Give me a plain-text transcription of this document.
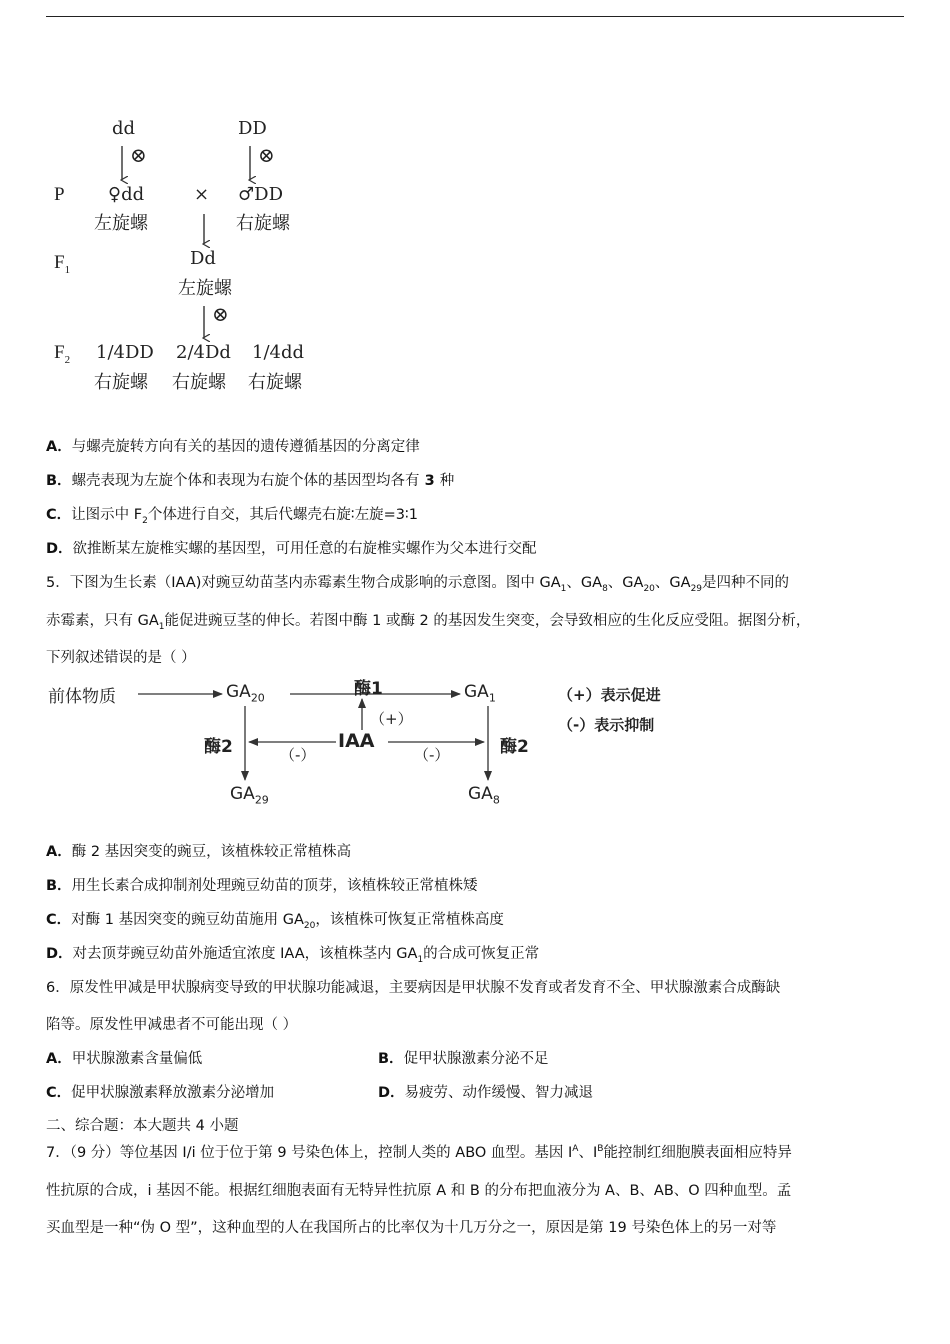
dd	DD
⊗	⊗
⊗
P ♀dd	× ♂DD
左旋螺	右旋螺
$F_1$
Dd
左旋螺
$F_2$ 1/4DD 2/4Dd 1/4dd
右旋螺 右旋螺 右旋螺
A．与螺壳旋转方向有关的基因的遗传遵循基因的分离定律
B．螺壳表现为左旋个体和表现为右旋个体的基因型均各有 3 种
C．让图示中 $F_2$个体进行自交，其后代螺壳右旋∶左旋=3∶1
D．欲推断某左旋椎实螺的基因型，可用任意的右旋椎实螺作为父本进行交配
5．下图为生长素（IAA)对豌豆幼苗茎内赤霉素生物合成影响的示意图。图中 $GA_1$、$GA_8$、$GA_{20}$、$GA_{29}$是四种不同的
赤霉素，只有 $GA_1$能促进豌豆茎的伸长。若图中酶 1 或酶 2 的基因发生突变，会导致相应的生化反应受阻。据图分析，
下列叙述错误的是（ ）
前体物质	$GA_{20}$	酶1	$GA_1$
（+）
酶2	（-）
IAA
（-）	酶2
$GA_{29}$	$GA_8$
（+）表示促进
（-）表示抑制
A．酶 2 基因突变的豌豆，该植株较正常植株高
B．用生长素合成抑制剂处理豌豆幼苗的顶芽，该植株较正常植株矮
C．对酶 1 基因突变的豌豆幼苗施用 $GA_{20}$，该植株可恢复正常植株高度
D．对去顶芽豌豆幼苗外施适宜浓度 IAA，该植株茎内 $GA_1$的合成可恢复正常
6．原发性甲减是甲状腺病变导致的甲状腺功能减退，主要病因是甲状腺不发育或者发育不全、甲状腺激素合成酶缺
陷等。原发性甲减患者不可能出现（ ）
A．甲状腺激素含量偏低	B．促甲状腺激素分泌不足
C．促甲状腺激素释放激素分泌增加	D．易疲劳、动作缓慢、智力减退
二、综合题：本大题共 4 小题
7．（9 分）等位基因 I/i 位于位于第 9 号染色体上，控制人类的 ABO 血型。基因 $I^A$、$I^B$能控制红细胞膜表面相应特异
性抗原的合成，i 基因不能。根据红细胞表面有无特异性抗原 A 和 B 的分布把血液分为 A、B、AB、O 四种血型。孟
买血型是一种“伪 O 型”，这种血型的人在我国所占的比率仅为十几万分之一，原因是第 19 号染色体上的另一对等
